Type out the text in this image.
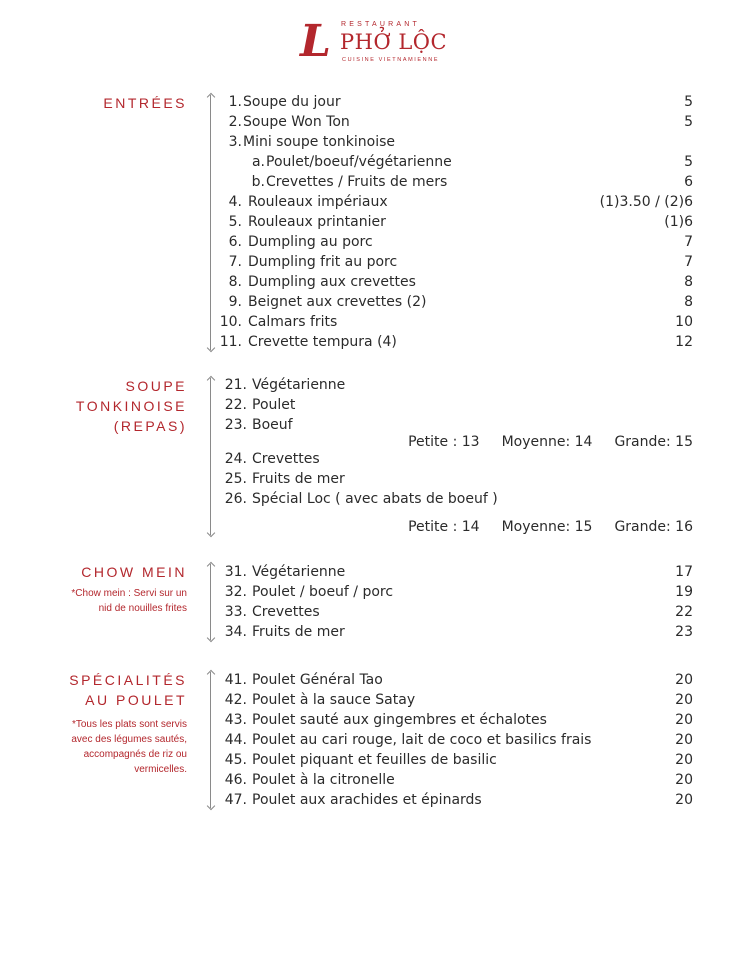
L	RESTAURANT
PHỞ LỘC
CUISINE VIETNAMIENNE
ENTRÉES	1. Soupe du jour	5
2. Soupe Won Ton	5
3. Mini soupe tonkinoise
a. Poulet/boeuf/végétarienne	5
b. Crevettes / Fruits de mers	6
4. Rouleaux impériaux	(1)3.50 / (2)6
5. Rouleaux printanier	(1)6
6. Dumpling au porc	7
7. Dumpling frit au porc	7
8. Dumpling aux crevettes	8
9. Beignet aux crevettes (2)	8
10. Calmars frits	10
11. Crevette tempura (4)	12
SOUPE
TONKINOISE
(REPAS)
21. Végétarienne
22. Poulet
23. Boeuf
Petite : 13 Moyenne: 14 Grande: 15
24. Crevettes
25. Fruits de mer
26. Spécial Loc ( avec abats de boeuf )
Petite : 14 Moyenne: 15 Grande: 16
CHOW MEIN
*Chow mein : Servi sur un
nid de nouilles frites
31. Végétarienne	17
32. Poulet / boeuf / porc	19
33. Crevettes	22
34. Fruits de mer	23
SPÉCIALITÉS
AU POULET
*Tous les plats sont servis
avec des légumes sautés,
accompagnés de riz ou
vermicelles.
41. Poulet Général Tao	20
42. Poulet à la sauce Satay	20
43. Poulet sauté aux gingembres et échalotes	20
44. Poulet au cari rouge, lait de coco et basilics frais	20
45. Poulet piquant et feuilles de basilic	20
46. Poulet à la citronelle	20
47. Poulet aux arachides et épinards	20
